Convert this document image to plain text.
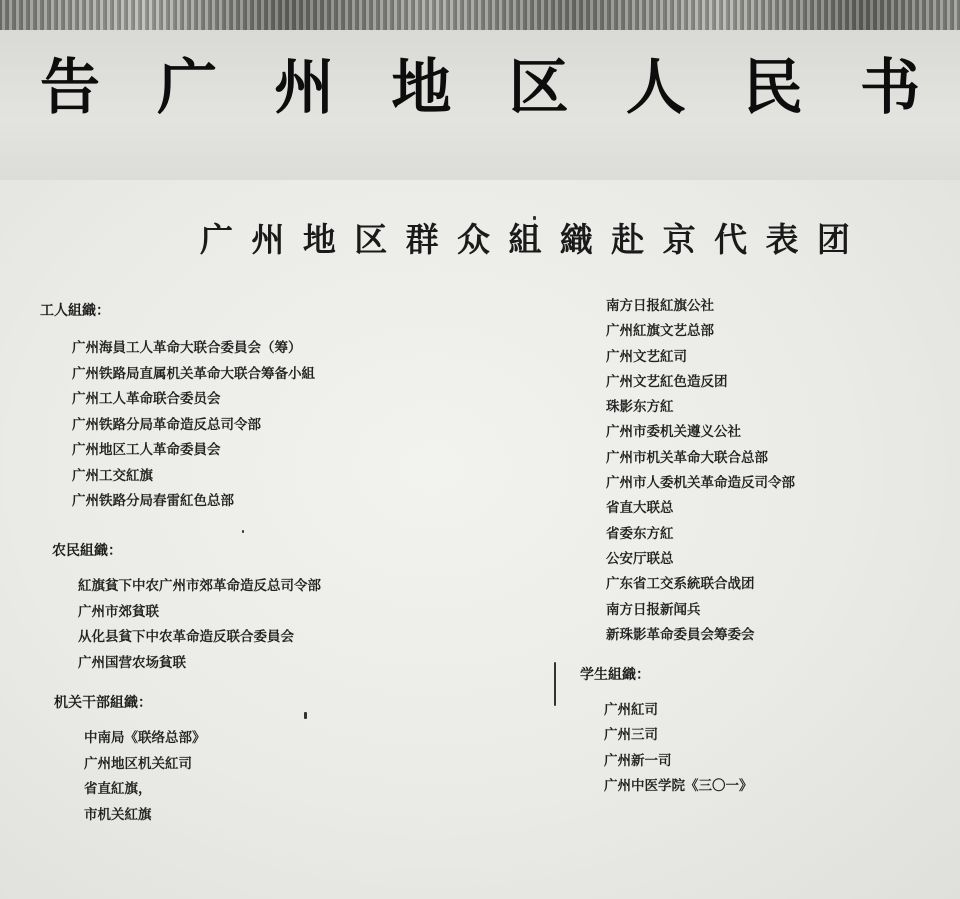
告 广 州 地 区 人 民 书
广 州 地 区 群 众 組 織 赴 京 代 表 团
工人組織：
广州海員工人革命大联合委員会（筹）
广州铁路局直属机关革命大联合筹备小組
广州工人革命联合委员会
广州铁路分局革命造反总司令部
广州地区工人革命委員会
广州工交紅旗
广州铁路分局春雷紅色总部
农民組織：
紅旗貧下中农广州市郊革命造反总司令部
广州市郊貧联
从化县貧下中农革命造反联合委員会
广州国营农场貧联
机关干部組織：
中南局《联络总部》
广州地区机关紅司
省直紅旗，
市机关紅旗
南方日报紅旗公社
广州紅旗文艺总部
广州文艺紅司
广州文艺紅色造反团
珠影东方紅
广州市委机关遵义公社
广州市机关革命大联合总部
广州市人委机关革命造反司令部
省直大联总
省委东方紅
公安厅联总
广东省工交系統联合战团
南方日报新闻兵
新珠影革命委員会筹委会
学生組織：
广州紅司
广州三司
广州新一司
广州中医学院《三〇一》
